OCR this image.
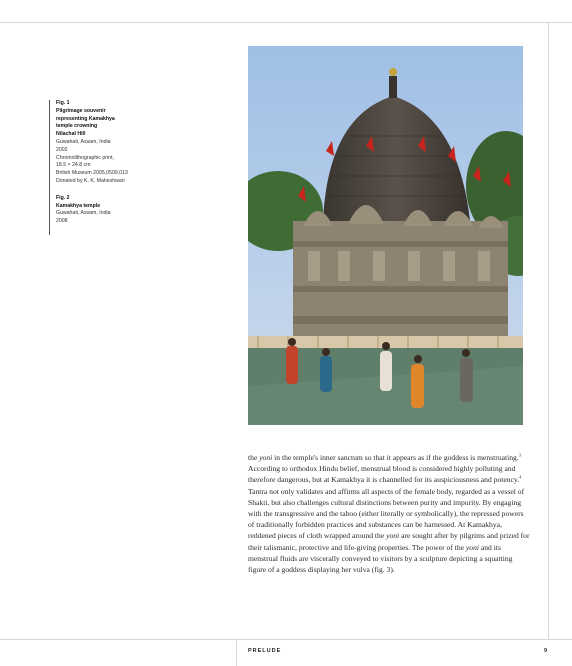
PRELUDE	9
Fig. 1
Pilgrimage souvenir
representing Kamakhya
temple crowning
Nilachal Hill
Guwahati, Assam, India
2002
Chromolithographic print,
18.5 × 24.8 cm
British Museum 2005,0509,013
Donated by K. K. Maheshwari
Fig. 2
Kamakhya temple
Guwahati, Assam, India
2008

the yoni in the temple's inner sanctum so that it appears as if the goddess is menstruating.$^3$ According to orthodox Hindu belief, menstrual blood is considered highly polluting and therefore dangerous, but at Kamakhya it is channelled for its auspiciousness and potency.$^4$ Tantra not only validates and affirms all aspects of the female body, regarded as a vessel of Shakti, but also challenges cultural distinctions between purity and impurity. By engaging with the transgressive and the taboo (either literally or symbolically), the repressed powers of traditionally forbidden practices and substances can be harnessed. At Kamakhya, reddened pieces of cloth wrapped around the yoni are sought after by pilgrims and prized for their talismanic, protective and life-giving properties. The power of the yoni and its menstrual fluids are viscerally conveyed to visitors by a sculpture depicting a squatting figure of a goddess displaying her vulva (fig. 3).
